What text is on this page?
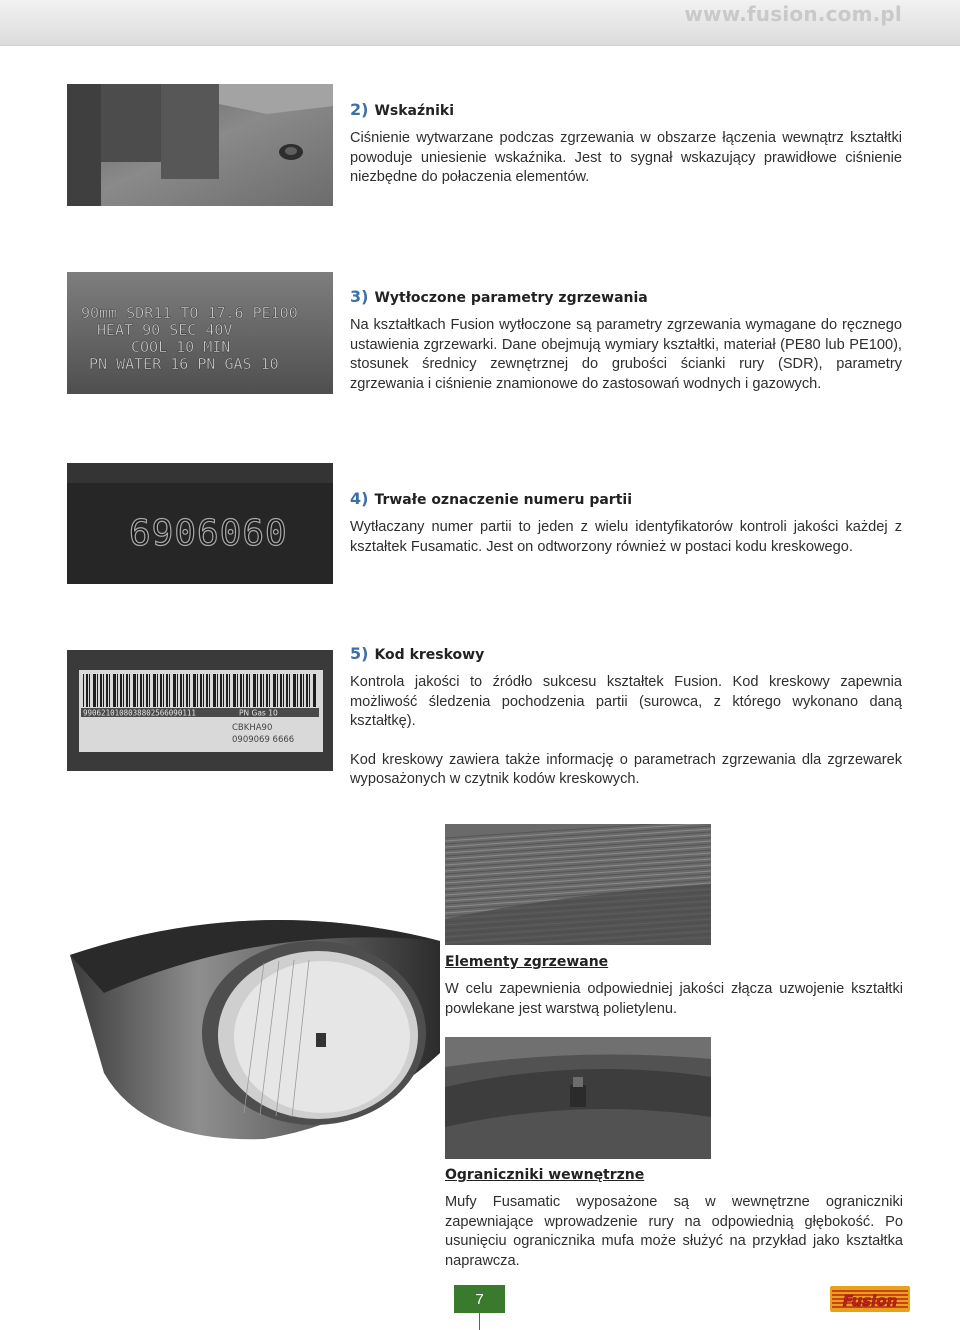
www.fusion.com.pl
90mm SDR11 TO 17.6 PE100
HEAT 90 SEC 40V
COOL 10 MIN
PN WATER 16 PN GAS 10
6906060
9906210108038802566090111	PN Gas 10
CBKHA90
0909069 6666
2) Wskaźniki

Ciśnienie wytwarzane podczas zgrzewania w obszarze łączenia wewnątrz kształtki powoduje uniesienie wskaźnika. Jest to sygnał wskazujący prawidłowe ciśnienie niezbędne do połaczenia elementów.

3) Wytłoczone parametry zgrzewania

Na kształtkach Fusion wytłoczone są parametry zgrzewania wymagane do ręcznego ustawienia zgrzewarki. Dane obejmują wymiary kształtki, materiał (PE80 lub PE100), stosunek średnicy zewnętrznej do grubości ścianki rury (SDR), parametry zgrzewania i ciśnienie znamionowe do zastosowań wodnych i gazowych.

4) Trwałe oznaczenie numeru partii

Wytłaczany numer partii to jeden z wielu identyfikatorów kontroli jakości każdej z kształtek Fusamatic. Jest on odtworzony również w postaci kodu kreskowego.

5) Kod kreskowy

Kontrola jakości to źródło sukcesu kształtek Fusion. Kod kreskowy zapewnia możliwość śledzenia pochodzenia partii (surowca, z którego wykonano daną kształtkę).

Kod kreskowy zawiera także informację o parametrach zgrzewania dla zgrzewarek wyposażonych w czytnik kodów kreskowych.

Elementy zgrzewane

W celu zapewnienia odpowiedniej jakości złącza uzwojenie kształtki powlekane jest warstwą polietylenu.

Ograniczniki wewnętrzne

Mufy Fusamatic wyposażone są w wewnętrzne ograniczniki zapewniające wprowadzenie rury na odpowiednią głębokość. Po usunięciu ogranicznika mufa może służyć na przykład jako kształtka naprawcza.

7	Fusion
